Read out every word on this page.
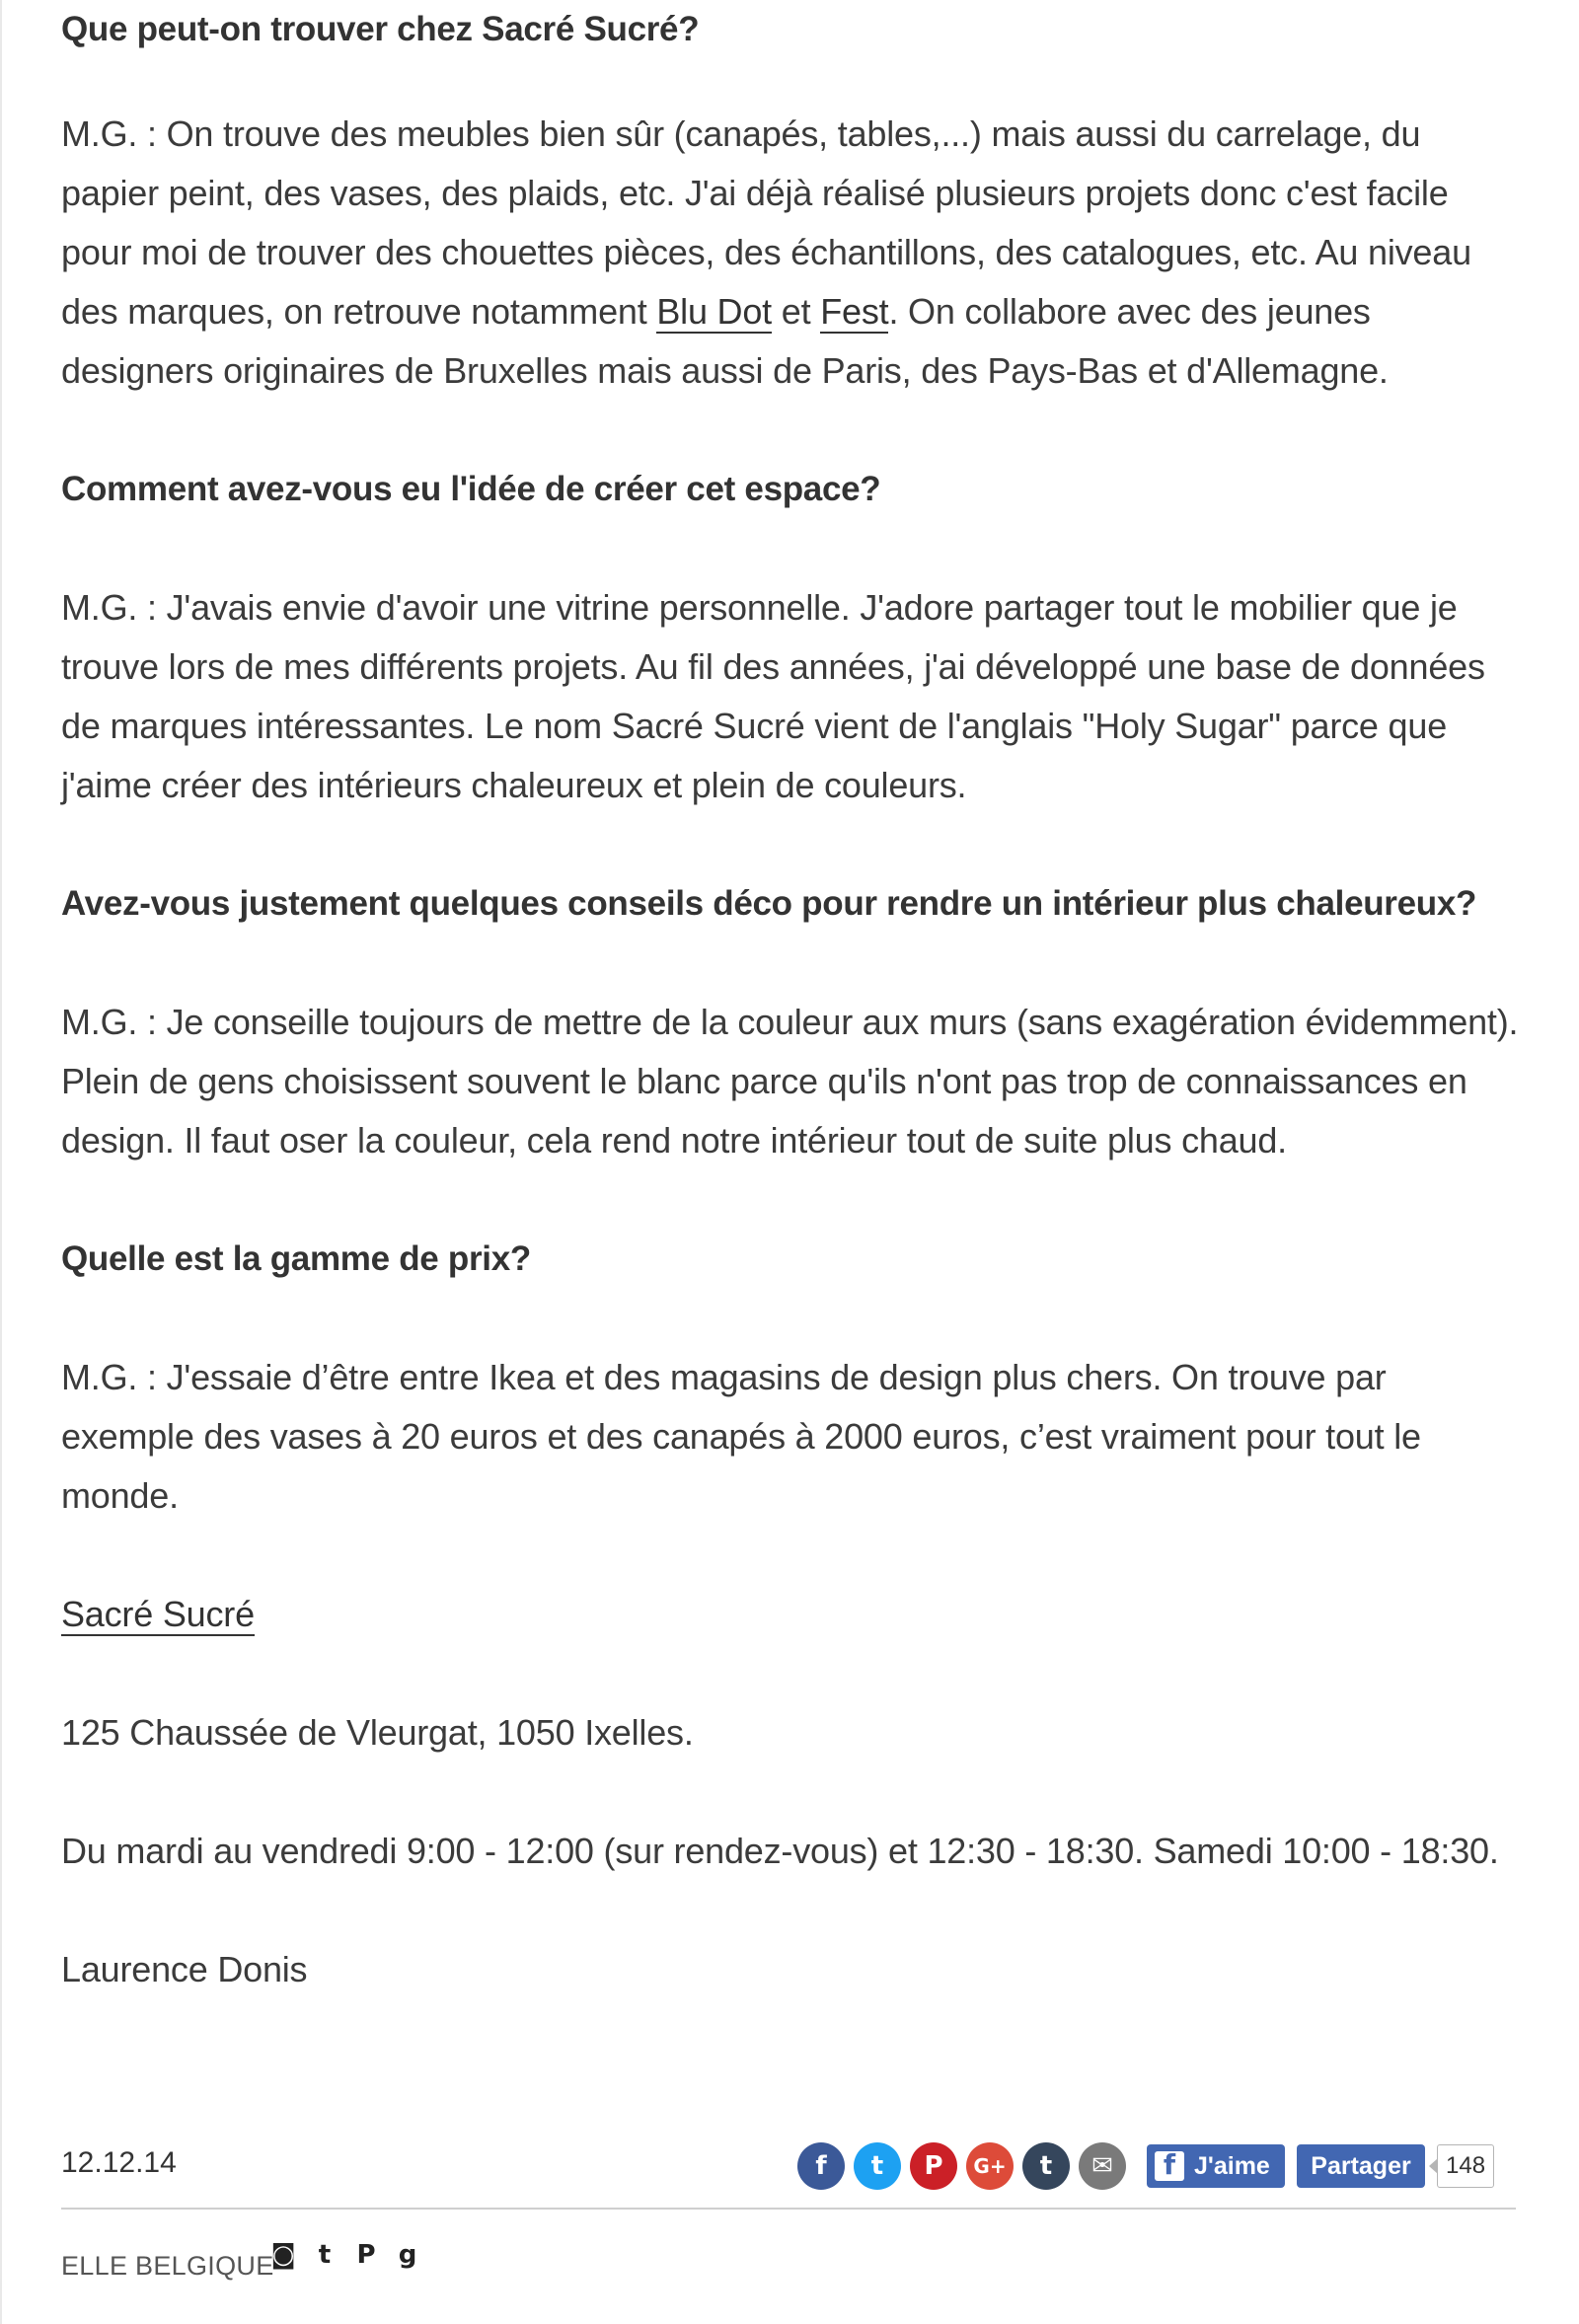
Que peut-on trouver chez Sacré Sucré?

M.G. : On trouve des meubles bien sûr (canapés, tables,...) mais aussi du carrelage, du papier peint, des vases, des plaids, etc. J'ai déjà réalisé plusieurs projets donc c'est facile pour moi de trouver des chouettes pièces, des échantillons, des catalogues, etc. Au niveau des marques, on retrouve notamment Blu Dot et Fest. On collabore avec des jeunes designers originaires de Bruxelles mais aussi de Paris, des Pays-Bas et d'Allemagne.

Comment avez-vous eu l'idée de créer cet espace?

M.G. : J'avais envie d'avoir une vitrine personnelle. J'adore partager tout le mobilier que je trouve lors de mes différents projets. Au fil des années, j'ai développé une base de données de marques intéressantes. Le nom Sacré Sucré vient de l'anglais "Holy Sugar" parce que j'aime créer des intérieurs chaleureux et plein de couleurs.

Avez-vous justement quelques conseils déco pour rendre un intérieur plus chaleureux?

M.G. : Je conseille toujours de mettre de la couleur aux murs (sans exagération évidemment). Plein de gens choisissent souvent le blanc parce qu'ils n'ont pas trop de connaissances en design. Il faut oser la couleur, cela rend notre intérieur tout de suite plus chaud.

Quelle est la gamme de prix?

M.G. : J'essaie d’être entre Ikea et des magasins de design plus chers. On trouve par exemple des vases à 20 euros et des canapés à 2000 euros, c’est vraiment pour tout le monde.

Sacré Sucré

125 Chaussée de Vleurgat, 1050 Ixelles.

Du mardi au vendredi 9:00 - 12:00 (sur rendez-vous) et 12:30 - 18:30. Samedi 10:00 - 18:30.

Laurence Donis

12.12.14	f	t	P	G+	t	✉	f J'aime	Partager	148
ELLE BELGIQUE
◙ t	P g
